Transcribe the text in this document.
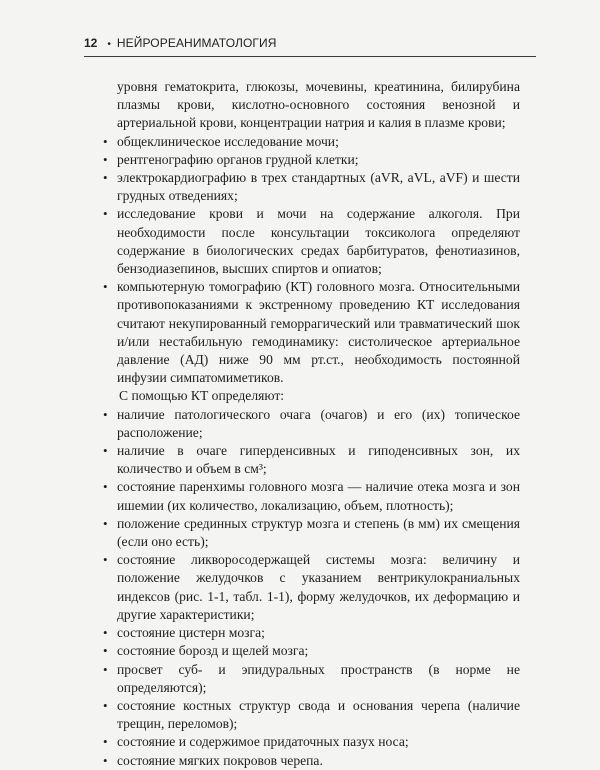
12 • НЕЙРОРЕАНИМАТОЛОГИЯ

уровня гематокрита, глюкозы, мочевины, креатинина, билирубина плазмы крови, кислотно-основного состояния венозной и артериальной крови, концентрации натрия и калия в плазме крови;

• общеклиническое исследование мочи;
• рентгенографию органов грудной клетки;
• электрокардиографию в трех стандартных (aVR, aVL, aVF) и шести грудных отведениях;
• исследование крови и мочи на содержание алкоголя. При необходимости после консультации токсиколога определяют содержание в биологических средах барбитуратов, фенотиазинов, бензодиазепинов, высших спиртов и опиатов;
• компьютерную томографию (КТ) головного мозга. Относительными противопоказаниями к экстренному проведению КТ исследования считают некупированный геморрагический или травматический шок и/или нестабильную гемодинамику: систолическое артериальное давление (АД) ниже 90 мм рт.ст., необходимость постоянной инфузии симпатомиметиков.

С помощью КТ определяют:

• наличие патологического очага (очагов) и его (их) топическое расположение;
• наличие в очаге гиперденсивных и гиподенсивных зон, их количество и объем в см³;
• состояние паренхимы головного мозга — наличие отека мозга и зон ишемии (их количество, локализацию, объем, плотность);
• положение срединных структур мозга и степень (в мм) их смещения (если оно есть);
• состояние ликворосодержащей системы мозга: величину и положение желудочков с указанием вентрикулокраниальных индексов (рис. 1-1, табл. 1-1), форму желудочков, их деформацию и другие характеристики;
• состояние цистерн мозга;
• состояние борозд и щелей мозга;
• просвет суб- и эпидуральных пространств (в норме не определяются);
• состояние костных структур свода и основания черепа (наличие трещин, переломов);
• состояние и содержимое придаточных пазух носа;
• состояние мягких покровов черепа.
